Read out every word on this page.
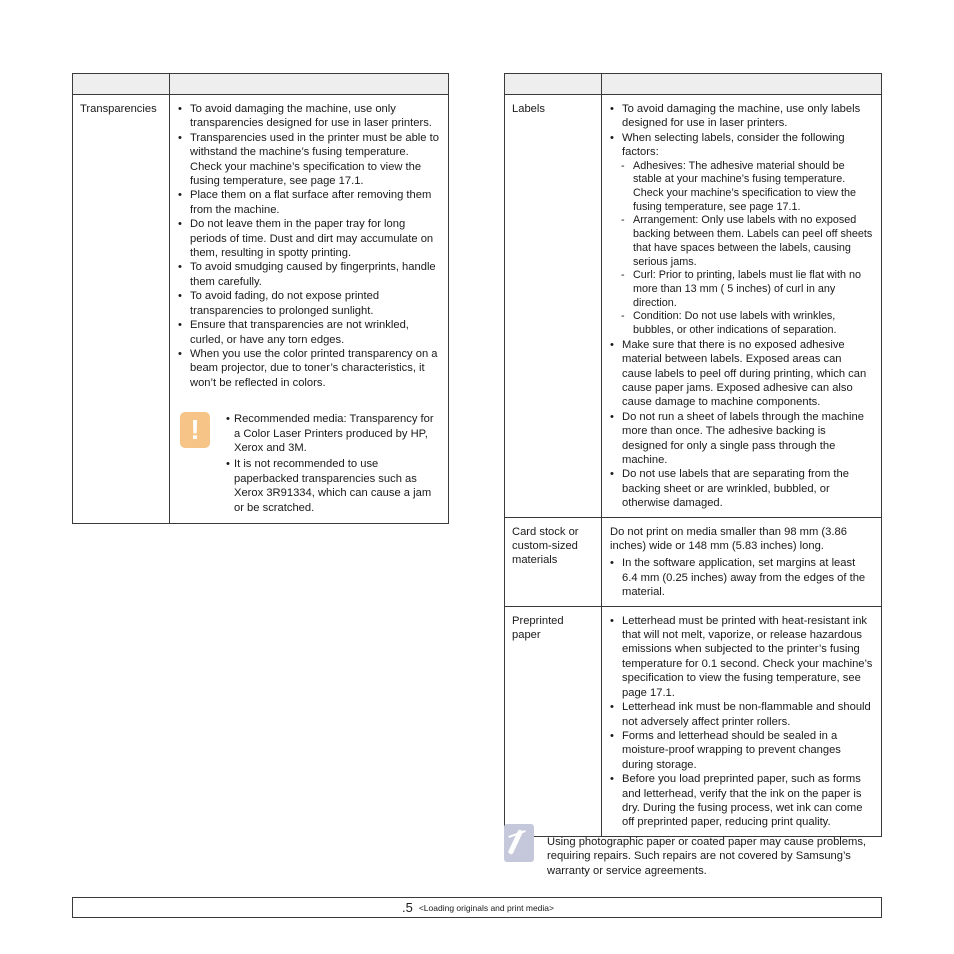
Transparencies	
•To avoid damaging the machine, use only transparencies designed for use in laser printers.
• Transparencies used in the printer must be able to withstand the machine’s fusing temperature. Check your machine’s specification to view the fusing temperature, see page 17.1.
• Place them on a flat surface after removing them from the machine.
• Do not leave them in the paper tray for long periods of time. Dust and dirt may accumulate on them, resulting in spotty printing.
• To avoid smudging caused by fingerprints, handle them carefully.
• To avoid fading, do not expose printed transparencies to prolonged sunlight.
• Ensure that transparencies are not wrinkled, curled, or have any torn edges.
• When you use the color printed transparency on a beam projector, due to toner’s characteristics, it won’t be reflected in colors.
!
•	Recommended media: Transparency for a Color Laser Printers produced by HP, Xerox and 3M.
• It is not recommended to use paperbacked transparencies such as Xerox 3R91334, which can cause a jam or be scratched.

Labels	
•To avoid damaging the machine, use only labels designed for use in laser printers.
• When selecting labels, consider the following factors:
- Adhesives: The adhesive material should be stable at your machine’s fusing temperature. Check your machine’s specification to view the fusing temperature, see page 17.1.
- Arrangement: Only use labels with no exposed backing between them. Labels can peel off sheets that have spaces between the labels, causing serious jams.
- Curl: Prior to printing, labels must lie flat with no more than 13 mm ( 5 inches) of curl in any direction.
- Condition: Do not use labels with wrinkles, bubbles, or other indications of separation.
• Make sure that there is no exposed adhesive material between labels. Exposed areas can cause labels to peel off during printing, which can cause paper jams. Exposed adhesive can also cause damage to machine components.
• Do not run a sheet of labels through the machine more than once. The adhesive backing is designed for only a single pass through the machine.
• Do not use labels that are separating from the backing sheet or are wrinkled, bubbled, or otherwise damaged.

Card stock or custom-sized materials	

Do not print on media smaller than 98 mm (3.86 inches) wide or 148 mm (5.83 inches) long.

• In the software application, set margins at least 6.4 mm (0.25 inches) away from the edges of the material.

Preprinted paper	
• Letterhead must be printed with heat-resistant ink that will not melt, vaporize, or release hazardous emissions when subjected to the printer’s fusing temperature for 0.1 second. Check your machine’s specification to view the fusing temperature, see page 17.1.
• Letterhead ink must be non-flammable and should not adversely affect printer rollers.
• Forms and letterhead should be sealed in a moisture-proof wrapping to prevent changes during storage.
• Before you load preprinted paper, such as forms and letterhead, verify that the ink on the paper is dry. During the fusing process, wet ink can come off preprinted paper, reducing print quality.
Using photographic paper or coated paper may cause problems, requiring repairs. Such repairs are not covered by Samsung’s warranty or service agreements.
.5 <Loading originals and print media>
